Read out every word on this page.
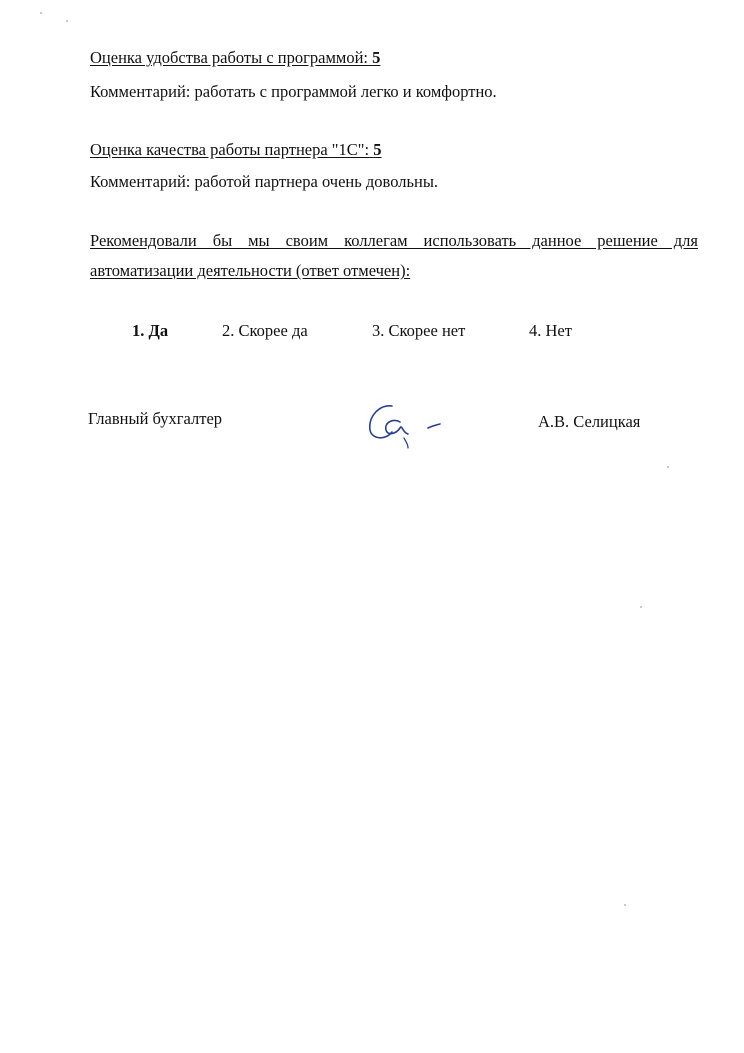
Оценка удобства работы с программой: 5
Комментарий: работать с программой легко и комфортно.
Оценка качества работы партнера "1С": 5
Комментарий: работой партнера очень довольны.
Рекомендовали бы мы своим коллегам использовать данное решение для
автоматизации деятельности (ответ отмечен):
1. Да	2. Скорее да	3. Скорее нет	4. Нет
Главный бухгалтер	А.В. Селицкая
